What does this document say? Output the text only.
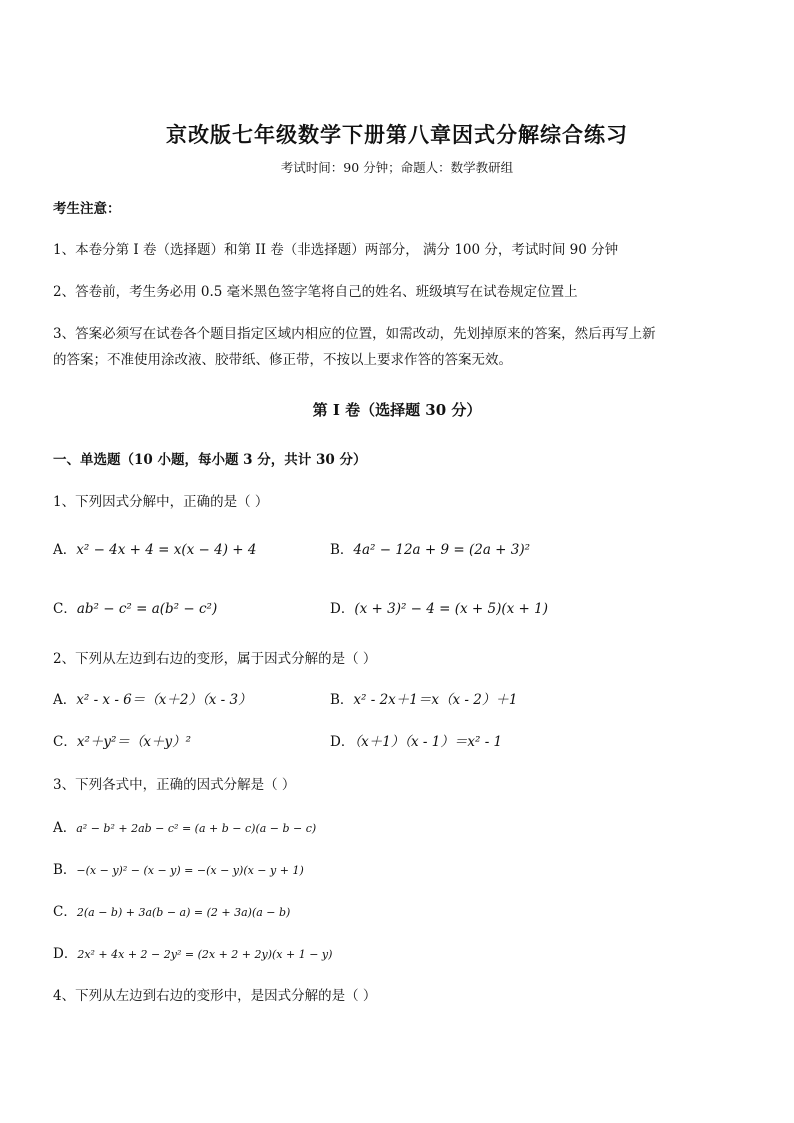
京改版七年级数学下册第八章因式分解综合练习
考试时间：90 分钟；命题人：数学教研组
考生注意：
1、本卷分第 I 卷（选择题）和第 II 卷（非选择题）两部分， 满分 100 分，考试时间 90 分钟
2、答卷前，考生务必用 0.5 毫米黑色签字笔将自己的姓名、班级填写在试卷规定位置上
3、答案必须写在试卷各个题目指定区域内相应的位置，如需改动，先划掉原来的答案，然后再写上新
的答案；不准使用涂改液、胶带纸、修正带，不按以上要求作答的答案无效。
第 I 卷（选择题 30 分）
一、单选题（10 小题，每小题 3 分，共计 30 分）
1、下列因式分解中，正确的是（ ）
A．x² − 4x + 4 = x(x − 4) + 4	B．4a² − 12a + 9 = (2a + 3)²
C．ab² − c² = a(b² − c²)	D．(x + 3)² − 4 = (x + 5)(x + 1)
2、下列从左边到右边的变形，属于因式分解的是（ ）
A．x² - x - 6＝（x＋2）（x - 3）	B．x² - 2x＋1＝x（x - 2）＋1
C．x²＋y²＝（x＋y）²	D．（x＋1）（x - 1）＝x² - 1
3、下列各式中，正确的因式分解是（ ）
A．a² − b² + 2ab − c² = (a + b − c)(a − b − c)
B．−(x − y)² − (x − y) = −(x − y)(x − y + 1)
C．2(a − b) + 3a(b − a) = (2 + 3a)(a − b)
D．2x² + 4x + 2 − 2y² = (2x + 2 + 2y)(x + 1 − y)
4、下列从左边到右边的变形中，是因式分解的是（ ）
